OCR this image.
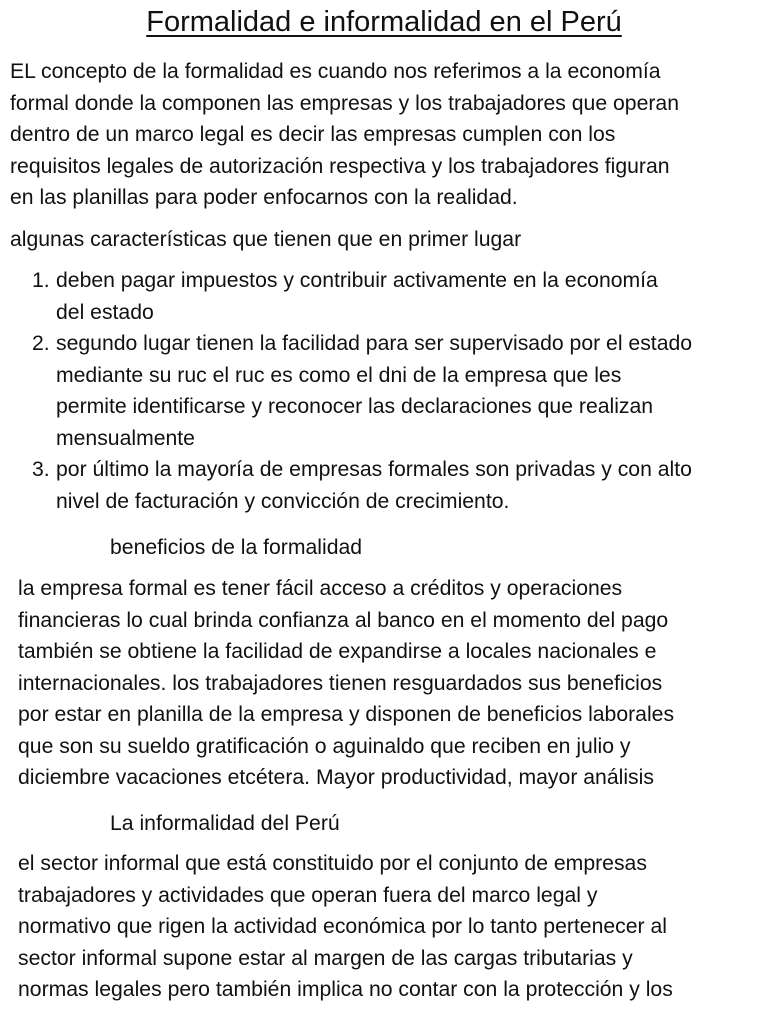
Formalidad e informalidad en el Perú

EL concepto de la formalidad es cuando nos referimos a la economía
formal donde la componen las empresas y los trabajadores que operan
dentro de un marco legal es decir las empresas cumplen con los
requisitos legales de autorización respectiva y los trabajadores figuran
en las planillas para poder enfocarnos con la realidad.

algunas características que tienen que en primer lugar

1. deben pagar impuestos y contribuir activamente en la economía
del estado
2. segundo lugar tienen la facilidad para ser supervisado por el estado
mediante su ruc el ruc es como el dni de la empresa que les
permite identificarse y reconocer las declaraciones que realizan
mensualmente
3. por último la mayoría de empresas formales son privadas y con alto
nivel de facturación y convicción de crecimiento.

beneficios de la formalidad

la empresa formal es tener fácil acceso a créditos y operaciones
financieras lo cual brinda confianza al banco en el momento del pago
también se obtiene la facilidad de expandirse a locales nacionales e
internacionales. los trabajadores tienen resguardados sus beneficios
por estar en planilla de la empresa y disponen de beneficios laborales
que son su sueldo gratificación o aguinaldo que reciben en julio y
diciembre vacaciones etcétera. Mayor productividad, mayor análisis

La informalidad del Perú

el sector informal que está constituido por el conjunto de empresas
trabajadores y actividades que operan fuera del marco legal y
normativo que rigen la actividad económica por lo tanto pertenecer al
sector informal supone estar al margen de las cargas tributarias y
normas legales pero también implica no contar con la protección y los
